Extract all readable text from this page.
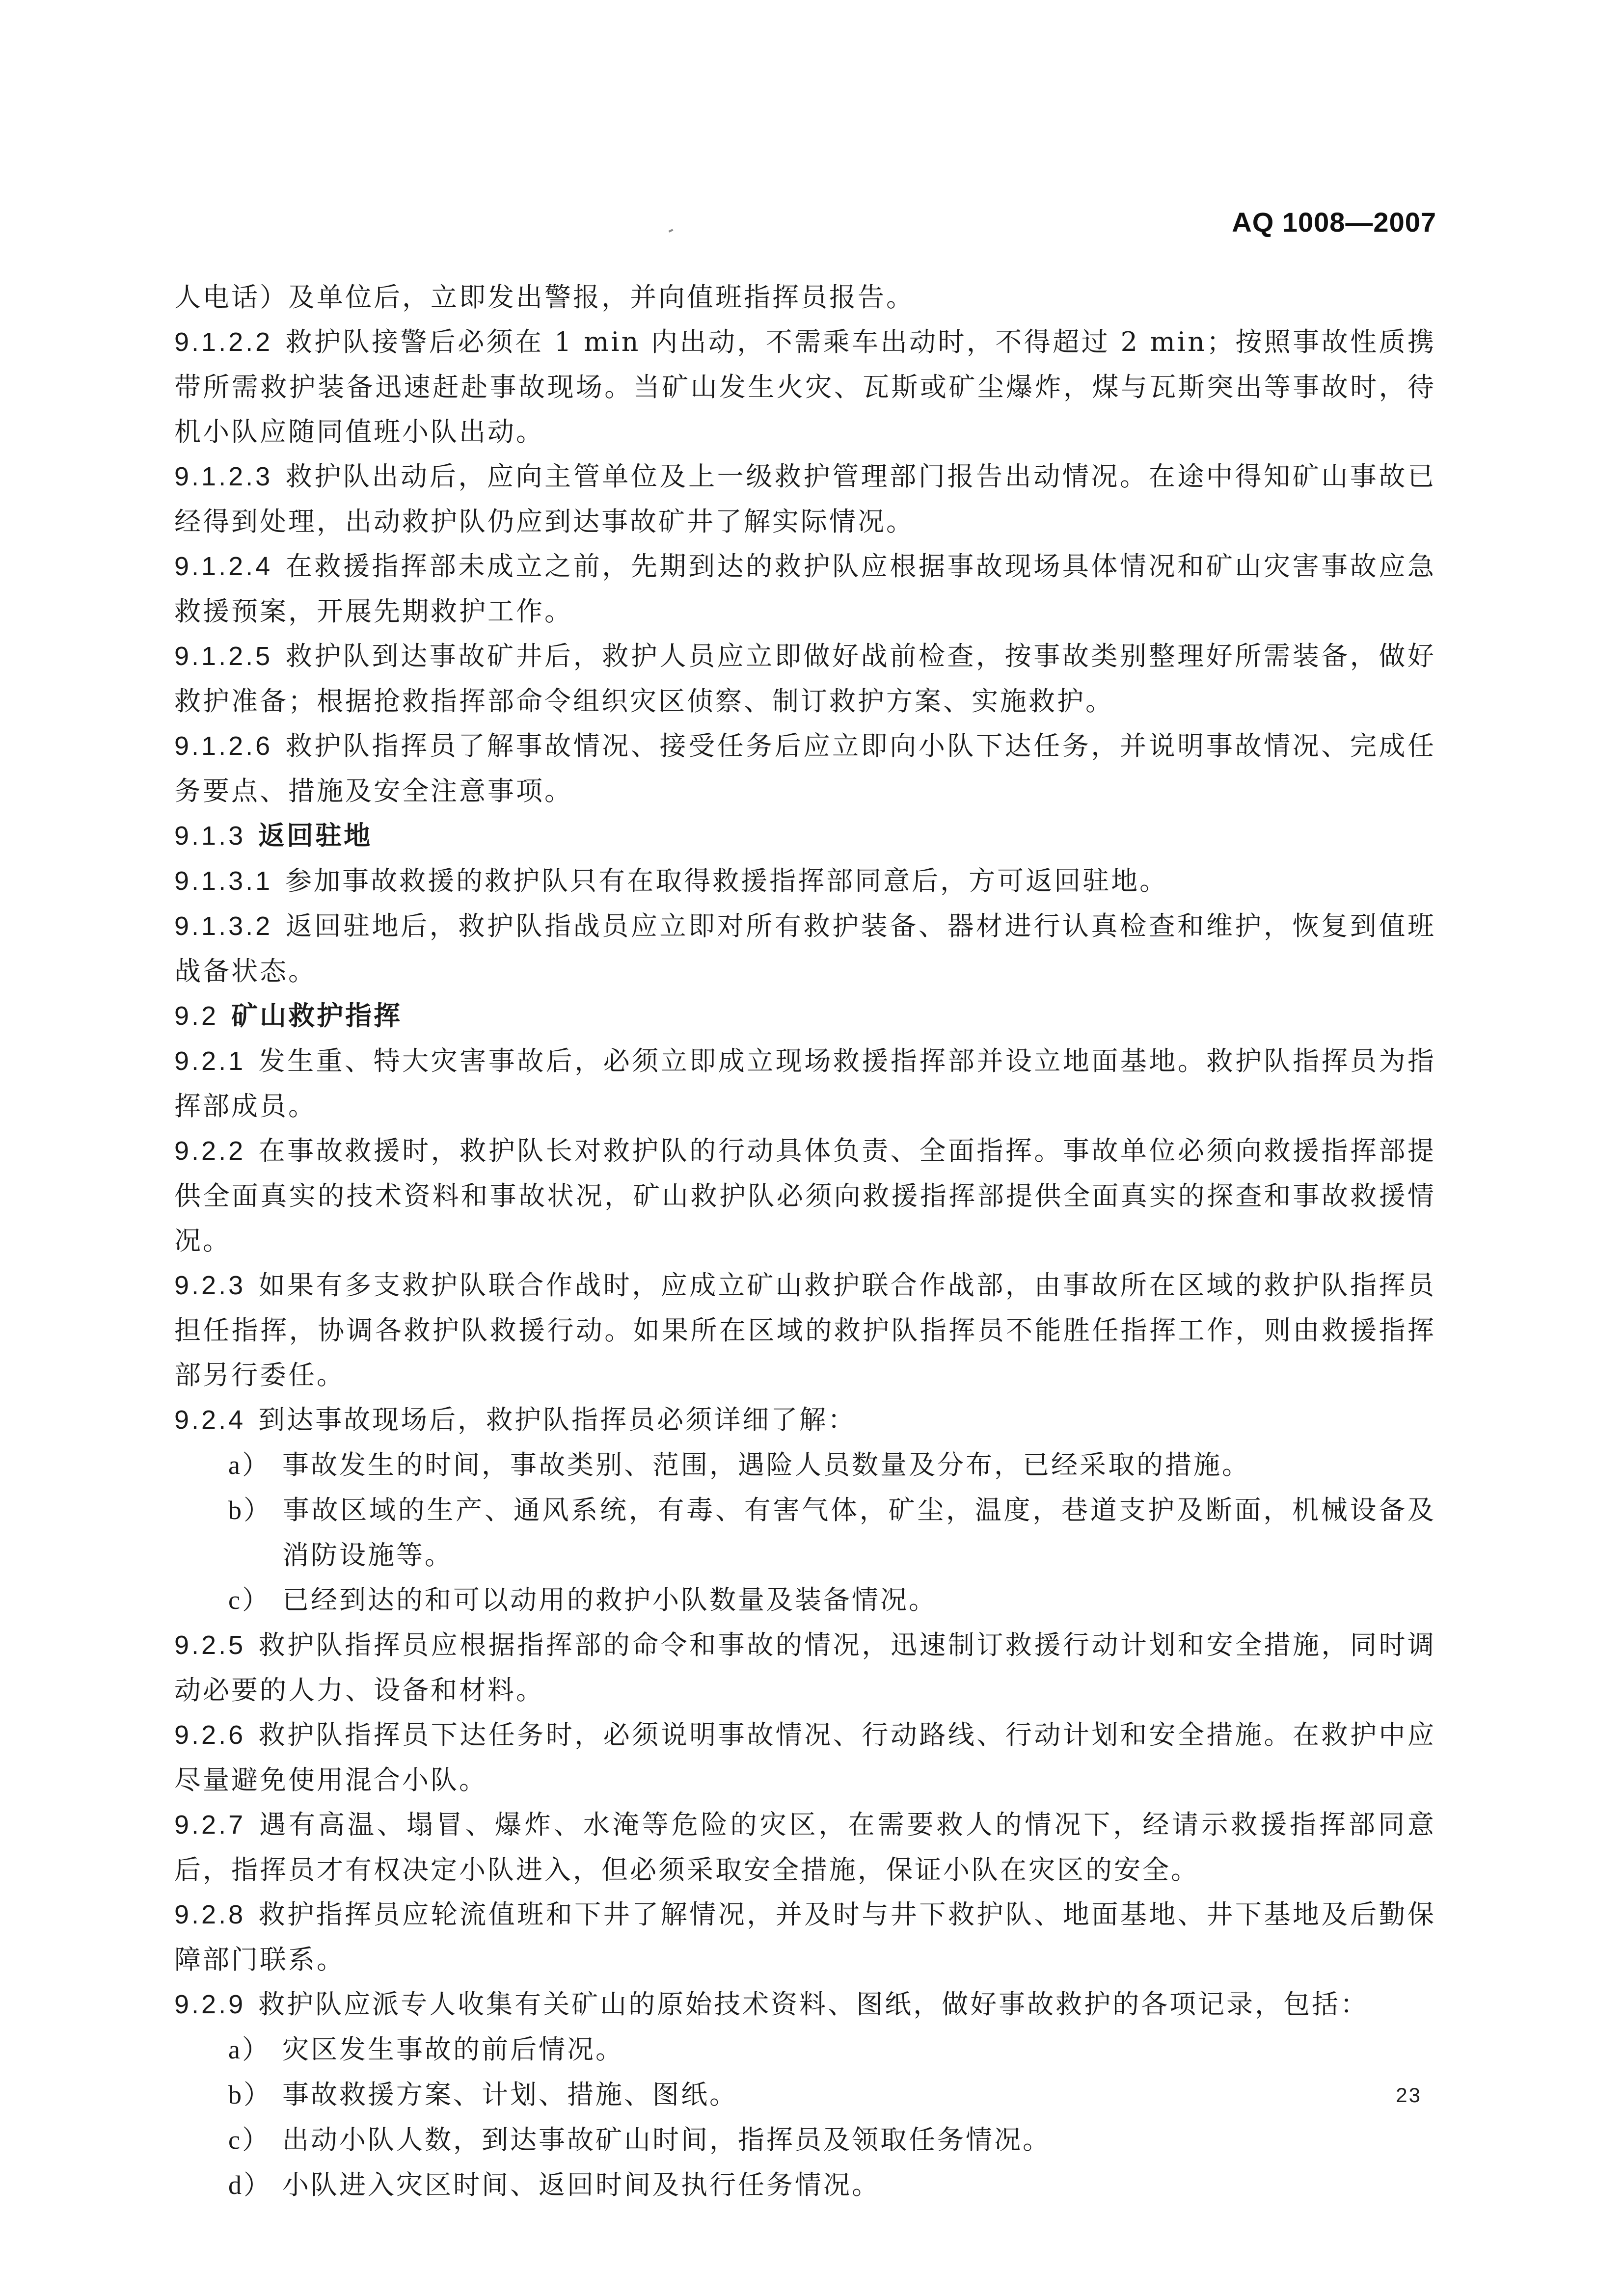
AQ 1008—2007

人电话）及单位后，立即发出警报，并向值班指挥员报告。

9.1.2.2 救护队接警后必须在 1 min 内出动，不需乘车出动时，不得超过 2 min；按照事故性质携带所需救护装备迅速赶赴事故现场。当矿山发生火灾、瓦斯或矿尘爆炸，煤与瓦斯突出等事故时，待机小队应随同值班小队出动。

9.1.2.3 救护队出动后，应向主管单位及上一级救护管理部门报告出动情况。在途中得知矿山事故已经得到处理，出动救护队仍应到达事故矿井了解实际情况。

9.1.2.4 在救援指挥部未成立之前，先期到达的救护队应根据事故现场具体情况和矿山灾害事故应急救援预案，开展先期救护工作。

9.1.2.5 救护队到达事故矿井后，救护人员应立即做好战前检查，按事故类别整理好所需装备，做好救护准备；根据抢救指挥部命令组织灾区侦察、制订救护方案、实施救护。

9.1.2.6 救护队指挥员了解事故情况、接受任务后应立即向小队下达任务，并说明事故情况、完成任务要点、措施及安全注意事项。

9.1.3 返回驻地

9.1.3.1 参加事故救援的救护队只有在取得救援指挥部同意后，方可返回驻地。

9.1.3.2 返回驻地后，救护队指战员应立即对所有救护装备、器材进行认真检查和维护，恢复到值班战备状态。

9.2 矿山救护指挥

9.2.1 发生重、特大灾害事故后，必须立即成立现场救援指挥部并设立地面基地。救护队指挥员为指挥部成员。

9.2.2 在事故救援时，救护队长对救护队的行动具体负责、全面指挥。事故单位必须向救援指挥部提供全面真实的技术资料和事故状况，矿山救护队必须向救援指挥部提供全面真实的探查和事故救援情况。

9.2.3 如果有多支救护队联合作战时，应成立矿山救护联合作战部，由事故所在区域的救护队指挥员担任指挥，协调各救护队救援行动。如果所在区域的救护队指挥员不能胜任指挥工作，则由救援指挥部另行委任。

9.2.4 到达事故现场后，救护队指挥员必须详细了解：

a） 事故发生的时间，事故类别、范围，遇险人员数量及分布，已经采取的措施。

b） 事故区域的生产、通风系统，有毒、有害气体，矿尘，温度，巷道支护及断面，机械设备及消防设施等。

c） 已经到达的和可以动用的救护小队数量及装备情况。

9.2.5 救护队指挥员应根据指挥部的命令和事故的情况，迅速制订救援行动计划和安全措施，同时调动必要的人力、设备和材料。

9.2.6 救护队指挥员下达任务时，必须说明事故情况、行动路线、行动计划和安全措施。在救护中应尽量避免使用混合小队。

9.2.7 遇有高温、塌冒、爆炸、水淹等危险的灾区，在需要救人的情况下，经请示救援指挥部同意后，指挥员才有权决定小队进入，但必须采取安全措施，保证小队在灾区的安全。

9.2.8 救护指挥员应轮流值班和下井了解情况，并及时与井下救护队、地面基地、井下基地及后勤保障部门联系。

9.2.9 救护队应派专人收集有关矿山的原始技术资料、图纸，做好事故救护的各项记录，包括：

a） 灾区发生事故的前后情况。

b） 事故救援方案、计划、措施、图纸。

c） 出动小队人数，到达事故矿山时间，指挥员及领取任务情况。

d） 小队进入灾区时间、返回时间及执行任务情况。

23
